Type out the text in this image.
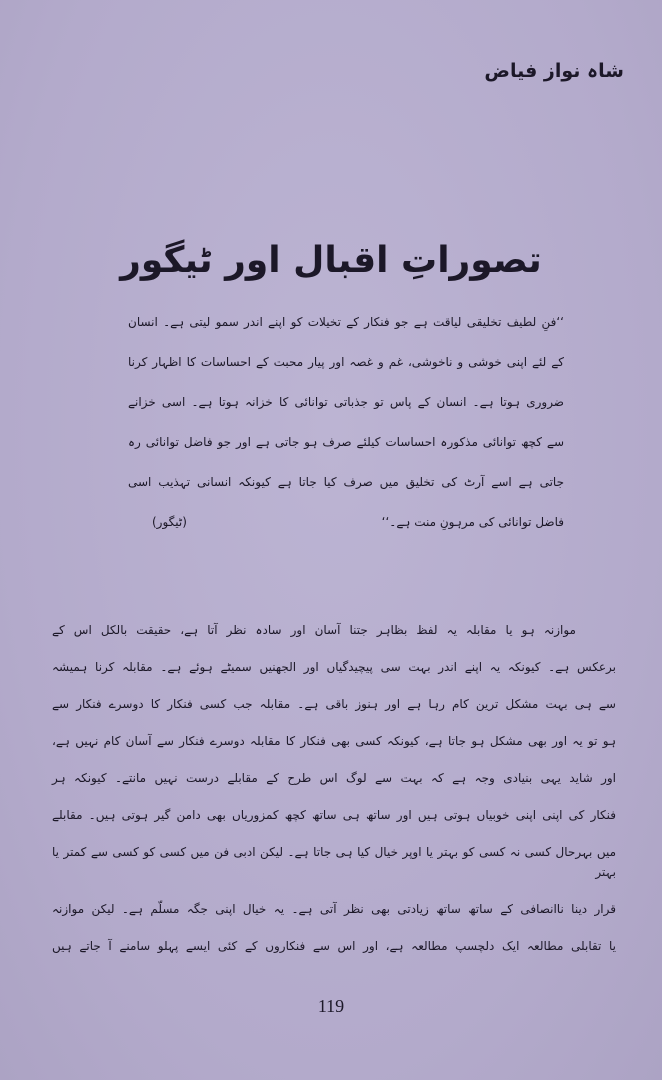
شاہ نواز فیاض
تصوراتِ اقبال اور ٹیگور
‘‘فنِ لطیف تخلیقی لیاقت ہے جو فنکار کے تخیلات کو اپنے اندر سمو لیتی ہے۔ انسان
کے لئے اپنی خوشی و ناخوشی، غم و غصہ اور پیار محبت کے احساسات کا اظہار کرنا
ضروری ہوتا ہے۔ انسان کے پاس تو جذباتی توانائی کا خزانہ ہوتا ہے۔ اسی خزانے
سے کچھ توانائی مذکورہ احساسات کیلئے صرف ہو جاتی ہے اور جو فاضل توانائی رہ
جاتی ہے اسے آرٹ کی تخلیق میں صرف کیا جاتا ہے کیونکہ انسانی تہذیب اسی
فاضل توانائی کی مرہونِ منت ہے۔‘‘
(ٹیگور)
موازنہ ہو یا مقابلہ یہ لفظ بظاہر جتنا آسان اور سادہ نظر آتا ہے، حقیقت بالکل اس کے
برعکس ہے۔ کیونکہ یہ اپنے اندر بہت سی پیچیدگیاں اور الجھنیں سمیٹے ہوئے ہے۔ مقابلہ کرنا ہمیشہ
سے ہی بہت مشکل ترین کام رہا ہے اور ہنوز باقی ہے۔ مقابلہ جب کسی فنکار کا دوسرے فنکار سے
ہو تو یہ اور بھی مشکل ہو جاتا ہے، کیونکہ کسی بھی فنکار کا مقابلہ دوسرے فنکار سے آسان کام نہیں ہے،
اور شاید یہی بنیادی وجہ ہے کہ بہت سے لوگ اس طرح کے مقابلے درست نہیں مانتے۔ کیونکہ ہر
فنکار کی اپنی اپنی خوبیاں ہوتی ہیں اور ساتھ ہی ساتھ کچھ کمزوریاں بھی دامن گیر ہوتی ہیں۔ مقابلے
میں بہرحال کسی نہ کسی کو بہتر یا اوپر خیال کیا ہی جاتا ہے۔ لیکن ادبی فن میں کسی کو کسی سے کمتر یا بہتر
قرار دینا ناانصافی کے ساتھ ساتھ زیادتی بھی نظر آتی ہے۔ یہ خیال اپنی جگہ مسلّم ہے۔ لیکن موازنہ
یا تقابلی مطالعہ ایک دلچسپ مطالعہ ہے، اور اس سے فنکاروں کے کئی ایسے پہلو سامنے آ جاتے ہیں
119
